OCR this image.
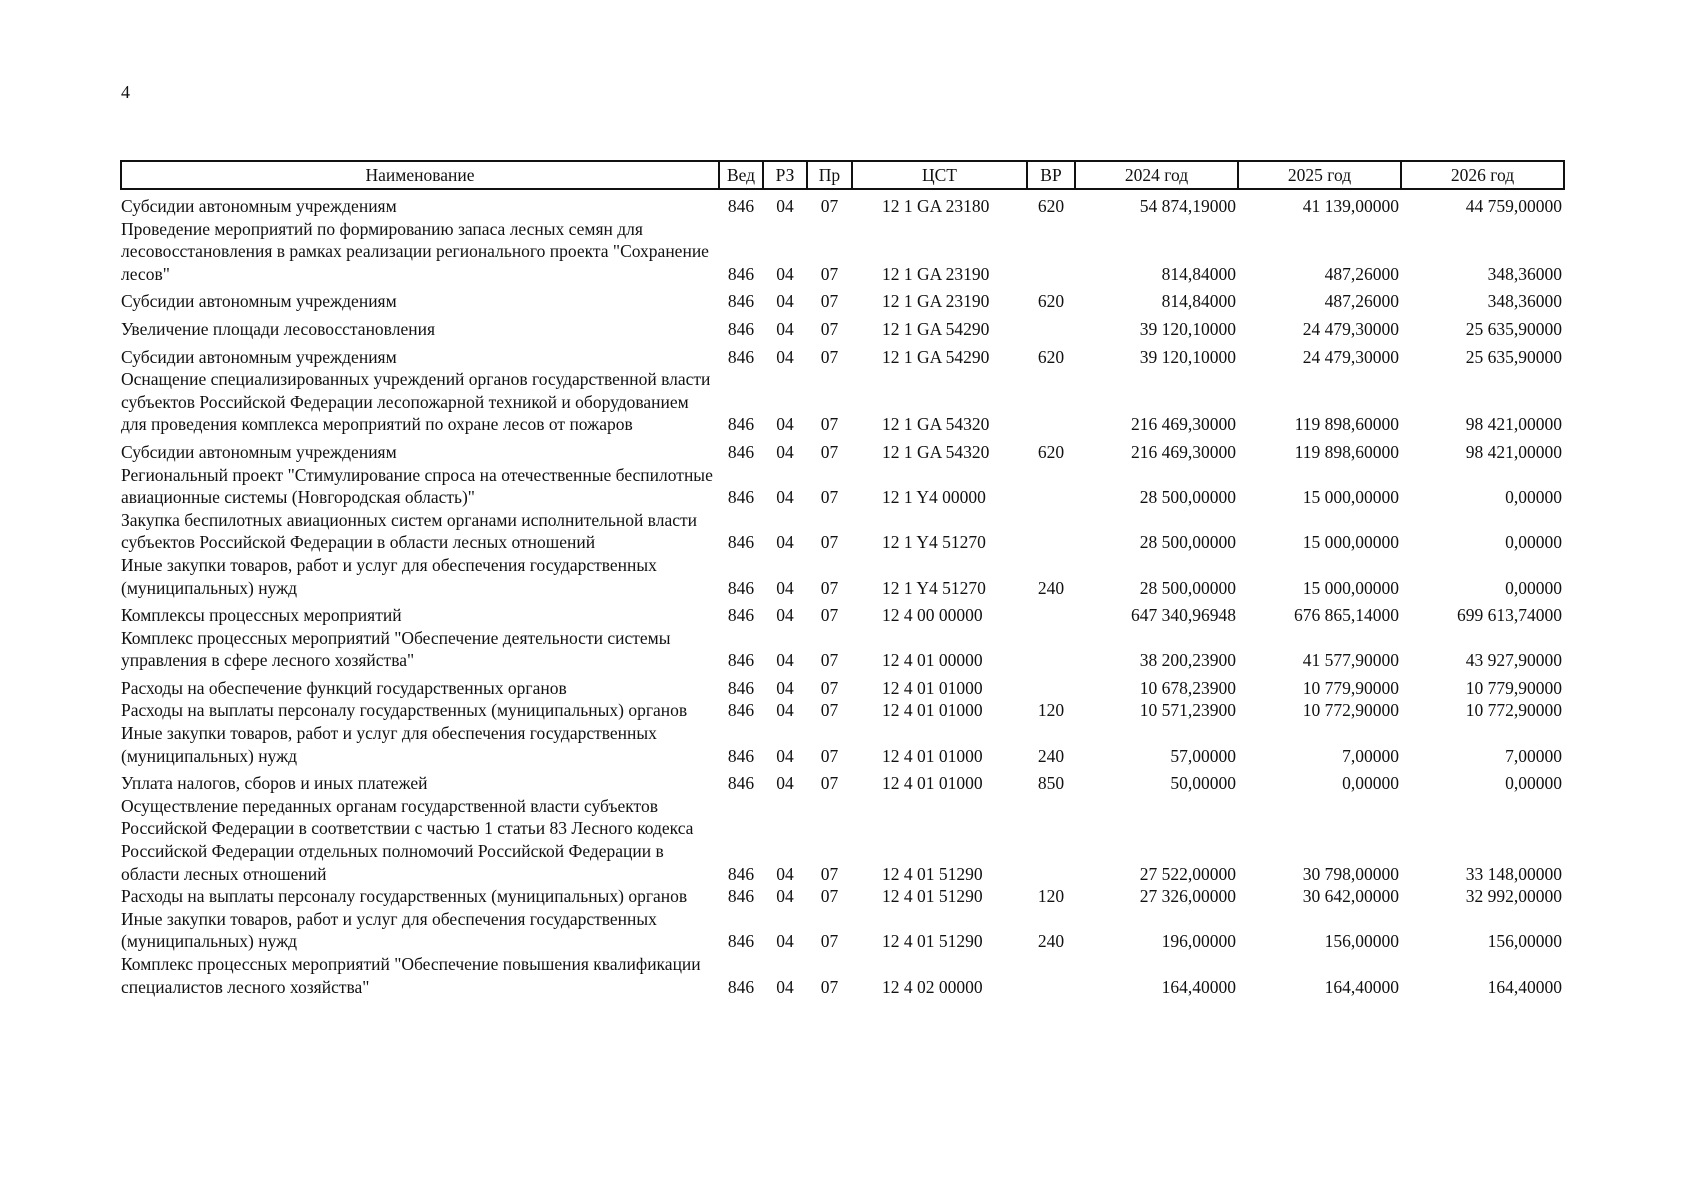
4
Наименование	Вед	РЗ	Пр	ЦСТ	ВР	2024 год	2025 год	2026 год
Субсидии автономным учреждениям	846	04	07	12 1 GA 23180	620	54 874,19000	41 139,00000	44 759,00000
Проведение мероприятий по формированию запаса лесных семян для лесовосстановления в рамках реализации регионального проекта "Сохранение лесов"	846	04	07	12 1 GA 23190		814,84000	487,26000	348,36000
Субсидии автономным учреждениям	846	04	07	12 1 GA 23190	620	814,84000	487,26000	348,36000
Увеличение площади лесовосстановления	846	04	07	12 1 GA 54290		39 120,10000	24 479,30000	25 635,90000
Субсидии автономным учреждениям	846	04	07	12 1 GA 54290	620	39 120,10000	24 479,30000	25 635,90000
Оснащение специализированных учреждений органов государственной власти субъектов Российской Федерации лесопожарной техникой и оборудованием для проведения комплекса мероприятий по охране лесов от пожаров	846	04	07	12 1 GA 54320		216 469,30000	119 898,60000	98 421,00000
Субсидии автономным учреждениям	846	04	07	12 1 GA 54320	620	216 469,30000	119 898,60000	98 421,00000
Региональный проект "Стимулирование спроса на отечественные беспилотные авиационные системы (Новгородская область)"	846	04	07	12 1 Y4 00000		28 500,00000	15 000,00000	0,00000
Закупка беспилотных авиационных систем органами исполнительной власти субъектов Российской Федерации в области лесных отношений	846	04	07	12 1 Y4 51270		28 500,00000	15 000,00000	0,00000
Иные закупки товаров, работ и услуг для обеспечения государственных (муниципальных) нужд	846	04	07	12 1 Y4 51270	240	28 500,00000	15 000,00000	0,00000
Комплексы процессных мероприятий	846	04	07	12 4 00 00000		647 340,96948	676 865,14000	699 613,74000
Комплекс процессных мероприятий "Обеспечение деятельности системы управления в сфере лесного хозяйства"	846	04	07	12 4 01 00000		38 200,23900	41 577,90000	43 927,90000
Расходы на обеспечение функций государственных органов	846	04	07	12 4 01 01000		10 678,23900	10 779,90000	10 779,90000
Расходы на выплаты персоналу государственных (муниципальных) органов	846	04	07	12 4 01 01000	120	10 571,23900	10 772,90000	10 772,90000
Иные закупки товаров, работ и услуг для обеспечения государственных (муниципальных) нужд	846	04	07	12 4 01 01000	240	57,00000	7,00000	7,00000
Уплата налогов, сборов и иных платежей	846	04	07	12 4 01 01000	850	50,00000	0,00000	0,00000
Осуществление переданных органам государственной власти субъектов Российской Федерации в соответствии с частью 1 статьи 83 Лесного кодекса Российской Федерации отдельных полномочий Российской Федерации в области лесных отношений	846	04	07	12 4 01 51290		27 522,00000	30 798,00000	33 148,00000
Расходы на выплаты персоналу государственных (муниципальных) органов	846	04	07	12 4 01 51290	120	27 326,00000	30 642,00000	32 992,00000
Иные закупки товаров, работ и услуг для обеспечения государственных (муниципальных) нужд	846	04	07	12 4 01 51290	240	196,00000	156,00000	156,00000
Комплекс процессных мероприятий "Обеспечение повышения квалификации специалистов лесного хозяйства"	846	04	07	12 4 02 00000		164,40000	164,40000	164,40000
